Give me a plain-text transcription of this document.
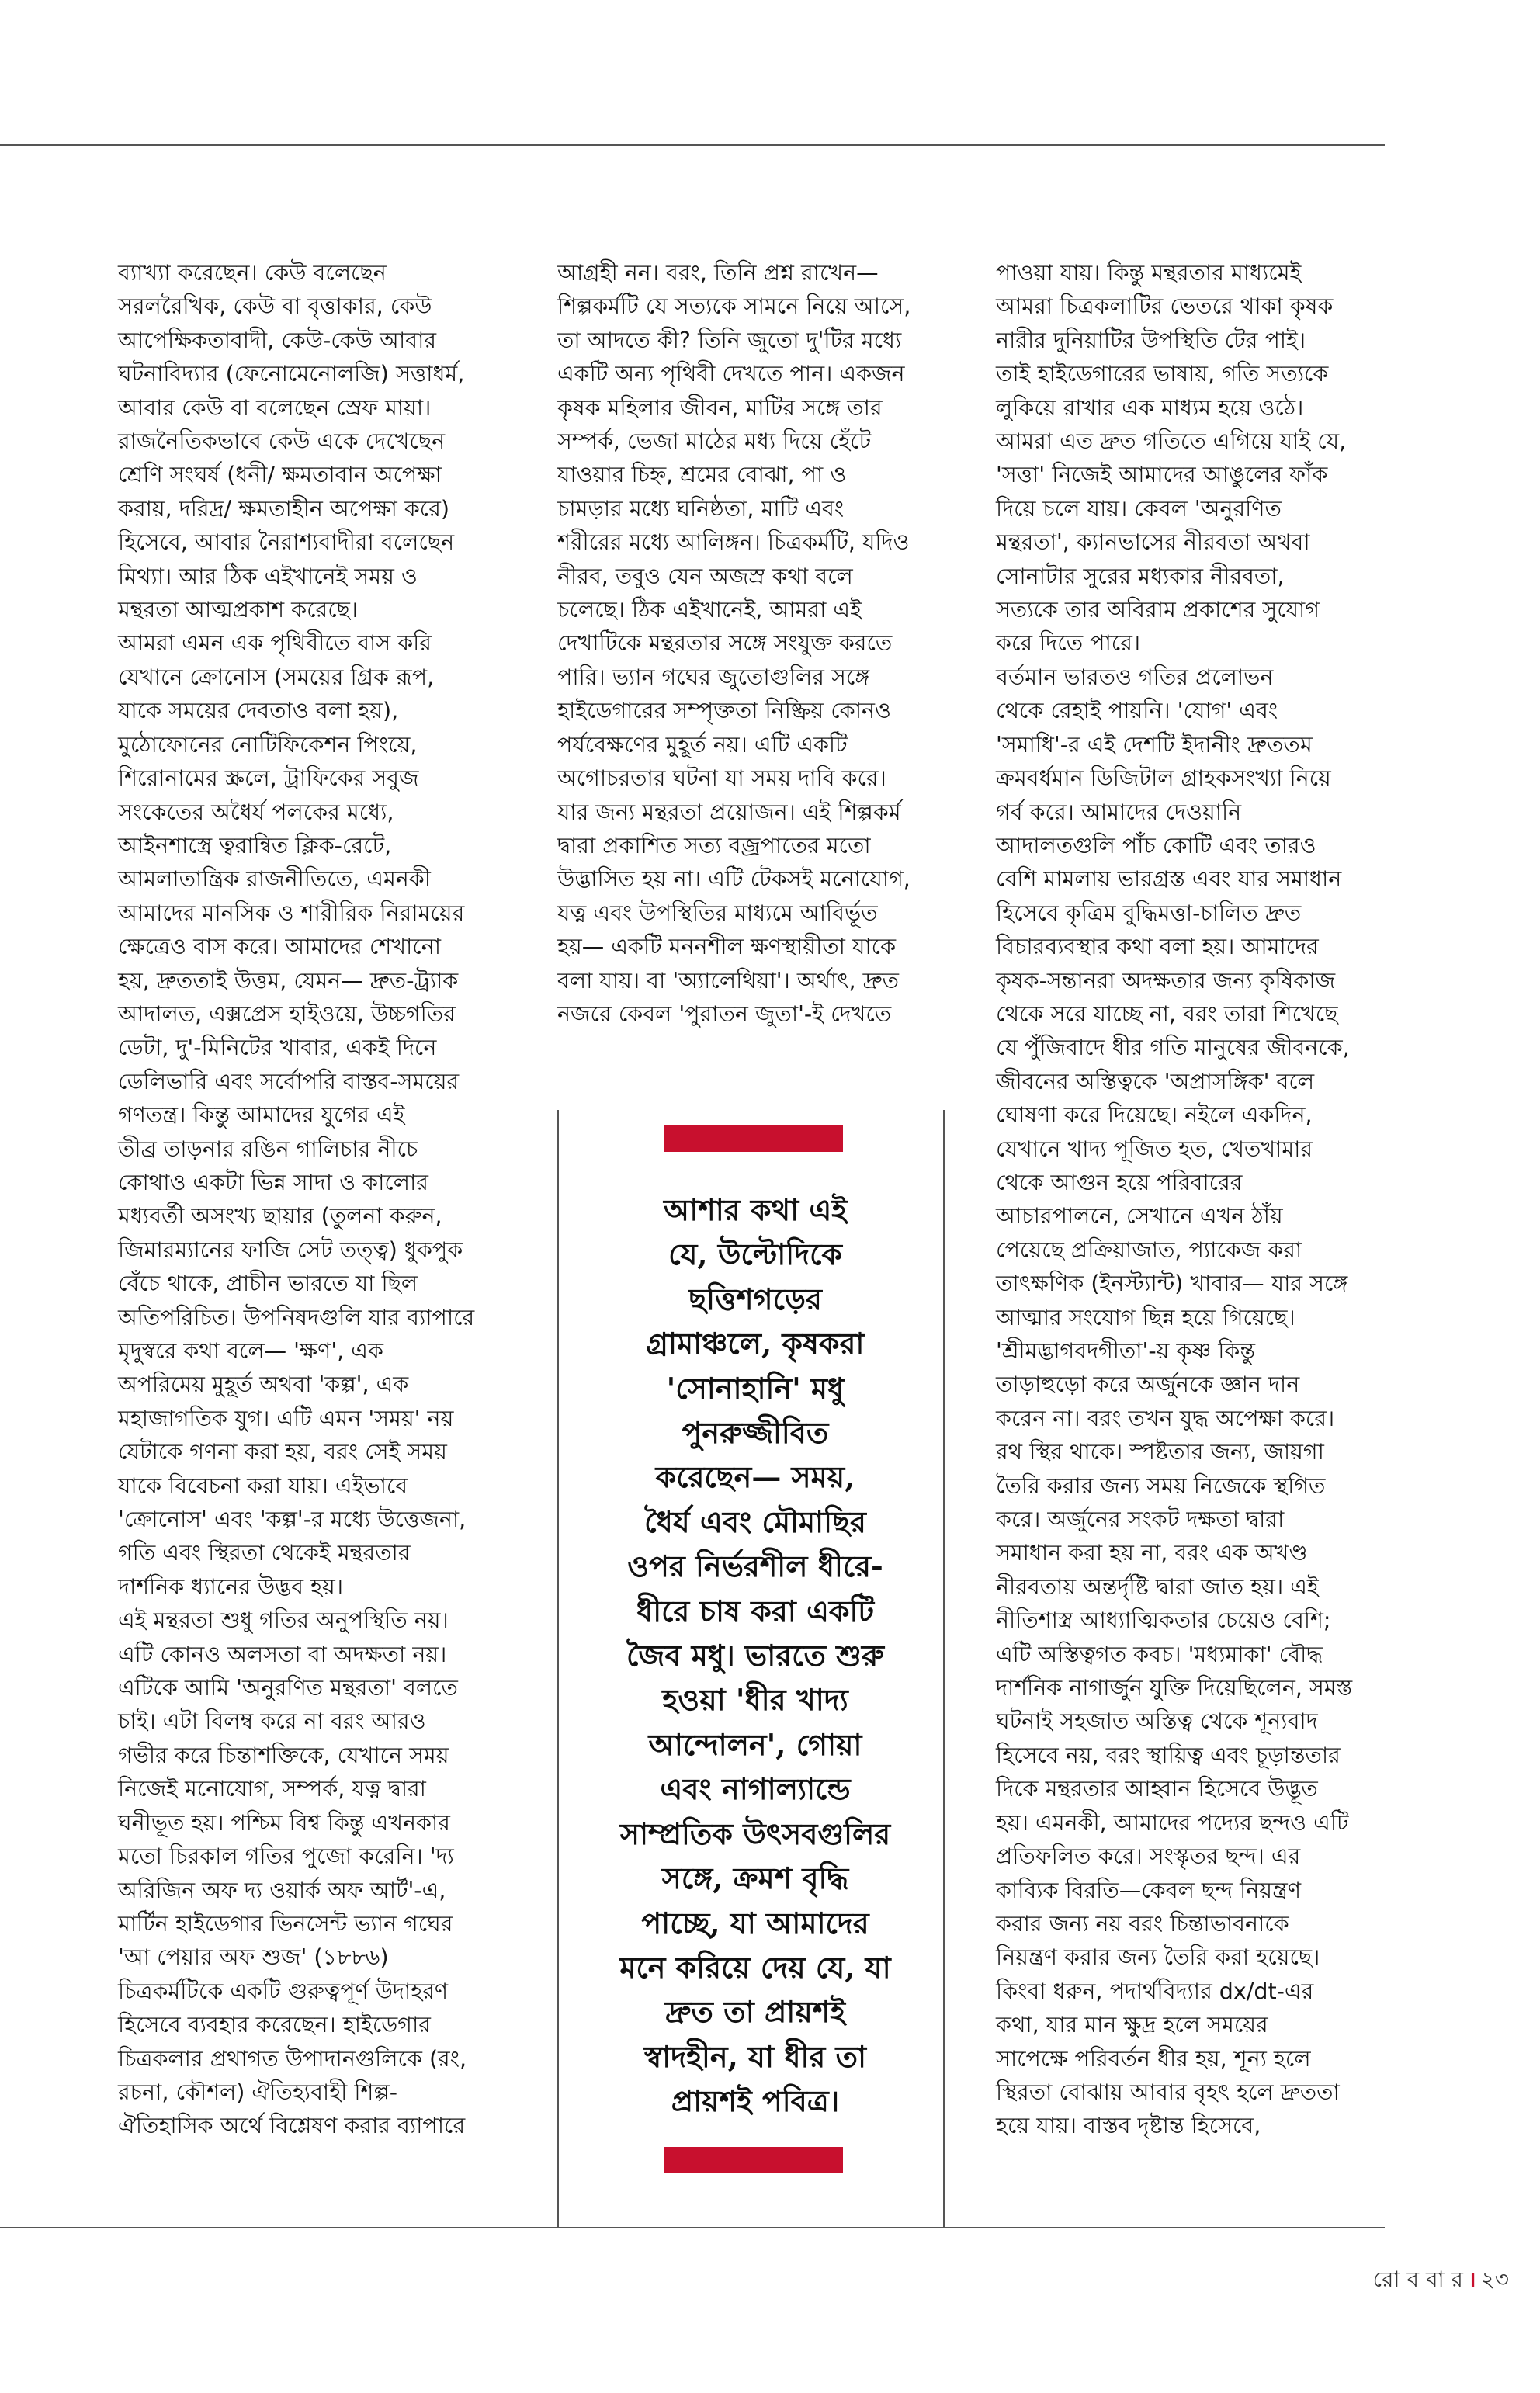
ব্যাখ্যা করেছেন। কেউ বলেছেন

সরলরৈখিক, কেউ বা বৃত্তাকার, কেউ

আপেক্ষিকতাবাদী, কেউ-কেউ আবার

ঘটনাবিদ্যার (ফেনোমেনোলজি) সত্তাধর্ম,

আবার কেউ বা বলেছেন স্রেফ মায়া।

রাজনৈতিকভাবে কেউ একে দেখেছেন

শ্রেণি সংঘর্ষ (ধনী/ ক্ষমতাবান অপেক্ষা

করায়, দরিদ্র/ ক্ষমতাহীন অপেক্ষা করে)

হিসেবে, আবার নৈরাশ্যবাদীরা বলেছেন

মিথ্যা। আর ঠিক এইখানেই সময় ও

মন্থরতা আত্মপ্রকাশ করেছে।

আমরা এমন এক পৃথিবীতে বাস করি

যেখানে ক্রোনোস (সময়ের গ্রিক রূপ,

যাকে সময়ের দেবতাও বলা হয়),

মুঠোফোনের নোটিফিকেশন পিংয়ে,

শিরোনামের স্ক্রলে, ট্রাফিকের সবুজ

সংকেতের অধৈর্য পলকের মধ্যে,

আইনশাস্ত্রে ত্বরান্বিত ক্লিক-রেটে,

আমলাতান্ত্রিক রাজনীতিতে, এমনকী

আমাদের মানসিক ও শারীরিক নিরাময়ের

ক্ষেত্রেও বাস করে। আমাদের শেখানো

হয়, দ্রুততাই উত্তম, যেমন— দ্রুত-ট্র্যাক

আদালত, এক্সপ্রেস হাইওয়ে, উচ্চগতির

ডেটা, দু'-মিনিটের খাবার, একই দিনে

ডেলিভারি এবং সর্বোপরি বাস্তব-সময়ের

গণতন্ত্র। কিন্তু আমাদের যুগের এই

তীব্র তাড়নার রঙিন গালিচার নীচে

কোথাও একটা ভিন্ন সাদা ও কালোর

মধ্যবর্তী অসংখ্য ছায়ার (তুলনা করুন,

জিমারম্যানের ফাজি সেট তত্ত্ব) ধুকপুক

বেঁচে থাকে, প্রাচীন ভারতে যা ছিল

অতিপরিচিত। উপনিষদগুলি যার ব্যাপারে

মৃদুস্বরে কথা বলে— 'ক্ষণ', এক

অপরিমেয় মুহূর্ত অথবা 'কল্প', এক

মহাজাগতিক যুগ। এটি এমন 'সময়' নয়

যেটাকে গণনা করা হয়, বরং সেই সময়

যাকে বিবেচনা করা যায়। এইভাবে

'ক্রোনোস' এবং 'কল্প'-র মধ্যে উত্তেজনা,

গতি এবং স্থিরতা থেকেই মন্থরতার

দার্শনিক ধ্যানের উদ্ভব হয়।

এই মন্থরতা শুধু গতির অনুপস্থিতি নয়।

এটি কোনও অলসতা বা অদক্ষতা নয়।

এটিকে আমি 'অনুরণিত মন্থরতা' বলতে

চাই। এটা বিলম্ব করে না বরং আরও

গভীর করে চিন্তাশক্তিকে, যেখানে সময়

নিজেই মনোযোগ, সম্পর্ক, যত্ন দ্বারা

ঘনীভূত হয়। পশ্চিম বিশ্ব কিন্তু এখনকার

মতো চিরকাল গতির পুজো করেনি। 'দ্য

অরিজিন অফ দ্য ওয়ার্ক অফ আর্ট'-এ,

মার্টিন হাইডেগার ভিনসেন্ট ভ্যান গঘের

'আ পেয়ার অফ শুজ' (১৮৮৬)

চিত্রকর্মটিকে একটি গুরুত্বপূর্ণ উদাহরণ

হিসেবে ব্যবহার করেছেন। হাইডেগার

চিত্রকলার প্রথাগত উপাদানগুলিকে (রং,

রচনা, কৌশল) ঐতিহ্যবাহী শিল্প-

ঐতিহাসিক অর্থে বিশ্লেষণ করার ব্যাপারে

আগ্রহী নন। বরং, তিনি প্রশ্ন রাখেন—

শিল্পকর্মটি যে সত্যকে সামনে নিয়ে আসে,

তা আদতে কী? তিনি জুতো দু'টির মধ্যে

একটি অন্য পৃথিবী দেখতে পান। একজন

কৃষক মহিলার জীবন, মাটির সঙ্গে তার

সম্পর্ক, ভেজা মাঠের মধ্য দিয়ে হেঁটে

যাওয়ার চিহ্ন, শ্রমের বোঝা, পা ও

চামড়ার মধ্যে ঘনিষ্ঠতা, মাটি এবং

শরীরের মধ্যে আলিঙ্গন। চিত্রকর্মটি, যদিও

নীরব, তবুও যেন অজস্র কথা বলে

চলেছে। ঠিক এইখানেই, আমরা এই

দেখাটিকে মন্থরতার সঙ্গে সংযুক্ত করতে

পারি। ভ্যান গঘের জুতোগুলির সঙ্গে

হাইডেগারের সম্পৃক্ততা নিষ্ক্রিয় কোনও

পর্যবেক্ষণের মুহূর্ত নয়। এটি একটি

অগোচরতার ঘটনা যা সময় দাবি করে।

যার জন্য মন্থরতা প্রয়োজন। এই শিল্পকর্ম

দ্বারা প্রকাশিত সত্য বজ্রপাতের মতো

উদ্ভাসিত হয় না। এটি টেকসই মনোযোগ,

যত্ন এবং উপস্থিতির মাধ্যমে আবির্ভূত

হয়— একটি মননশীল ক্ষণস্থায়ীতা যাকে

বলা যায়। বা 'অ্যালেথিয়া'। অর্থাৎ, দ্রুত

নজরে কেবল 'পুরাতন জুতা'-ই দেখতে

পাওয়া যায়। কিন্তু মন্থরতার মাধ্যমেই

আমরা চিত্রকলাটির ভেতরে থাকা কৃষক

নারীর দুনিয়াটির উপস্থিতি টের পাই।

তাই হাইডেগারের ভাষায়, গতি সত্যকে

লুকিয়ে রাখার এক মাধ্যম হয়ে ওঠে।

আমরা এত দ্রুত গতিতে এগিয়ে যাই যে,

'সত্তা' নিজেই আমাদের আঙুলের ফাঁক

দিয়ে চলে যায়। কেবল 'অনুরণিত

মন্থরতা', ক্যানভাসের নীরবতা অথবা

সোনাটার সুরের মধ্যকার নীরবতা,

সত্যকে তার অবিরাম প্রকাশের সুযোগ

করে দিতে পারে।

বর্তমান ভারতও গতির প্রলোভন

থেকে রেহাই পায়নি। 'যোগ' এবং

'সমাধি'-র এই দেশটি ইদানীং দ্রুততম

ক্রমবর্ধমান ডিজিটাল গ্রাহকসংখ্যা নিয়ে

গর্ব করে। আমাদের দেওয়ানি

আদালতগুলি পাঁচ কোটি এবং তারও

বেশি মামলায় ভারগ্রস্ত এবং যার সমাধান

হিসেবে কৃত্রিম বুদ্ধিমত্তা-চালিত দ্রুত

বিচারব্যবস্থার কথা বলা হয়। আমাদের

কৃষক-সন্তানরা অদক্ষতার জন্য কৃষিকাজ

থেকে সরে যাচ্ছে না, বরং তারা শিখেছে

যে পুঁজিবাদে ধীর গতি মানুষের জীবনকে,

জীবনের অস্তিত্বকে 'অপ্রাসঙ্গিক' বলে

ঘোষণা করে দিয়েছে। নইলে একদিন,

যেখানে খাদ্য পূজিত হত, খেতখামার

থেকে আগুন হয়ে পরিবারের

আচারপালনে, সেখানে এখন ঠাঁয়

পেয়েছে প্রক্রিয়াজাত, প্যাকেজ করা

তাৎক্ষণিক (ইনস্ট্যান্ট) খাবার— যার সঙ্গে

আত্মার সংযোগ ছিন্ন হয়ে গিয়েছে।

'শ্রীমদ্ভাগবদগীতা'-য় কৃষ্ণ কিন্তু

তাড়াহুড়ো করে অর্জুনকে জ্ঞান দান

করেন না। বরং তখন যুদ্ধ অপেক্ষা করে।

রথ স্থির থাকে। স্পষ্টতার জন্য, জায়গা

তৈরি করার জন্য সময় নিজেকে স্থগিত

করে। অর্জুনের সংকট দক্ষতা দ্বারা

সমাধান করা হয় না, বরং এক অখণ্ড

নীরবতায় অন্তর্দৃষ্টি দ্বারা জাত হয়। এই

নীতিশাস্ত্র আধ্যাত্মিকতার চেয়েও বেশি;

এটি অস্তিত্বগত কবচ। 'মধ্যমাকা' বৌদ্ধ

দার্শনিক নাগার্জুন যুক্তি দিয়েছিলেন, সমস্ত

ঘটনাই সহজাত অস্তিত্ব থেকে শূন্যবাদ

হিসেবে নয়, বরং স্থায়িত্ব এবং চূড়ান্ততার

দিকে মন্থরতার আহ্বান হিসেবে উদ্ভূত

হয়। এমনকী, আমাদের পদ্যের ছন্দও এটি

প্রতিফলিত করে। সংস্কৃতর ছন্দ। এর

কাব্যিক বিরতি—কেবল ছন্দ নিয়ন্ত্রণ

করার জন্য নয় বরং চিন্তাভাবনাকে

নিয়ন্ত্রণ করার জন্য তৈরি করা হয়েছে।

কিংবা ধরুন, পদার্থবিদ্যার dx/dt-এর

কথা, যার মান ক্ষুদ্র হলে সময়ের

সাপেক্ষে পরিবর্তন ধীর হয়, শূন্য হলে

স্থিরতা বোঝায় আবার বৃহৎ হলে দ্রুততা

হয়ে যায়। বাস্তব দৃষ্টান্ত হিসেবে,

আশার কথা এই

যে, উল্টোদিকে

ছত্তিশগড়ের

গ্রামাঞ্চলে, কৃষকরা

'সোনাহানি' মধু

পুনরুজ্জীবিত

করেছেন— সময়,

ধৈর্য এবং মৌমাছির

ওপর নির্ভরশীল ধীরে-

ধীরে চাষ করা একটি

জৈব মধু। ভারতে শুরু

হওয়া 'ধীর খাদ্য

আন্দোলন', গোয়া

এবং নাগাল্যান্ডে

সাম্প্রতিক উৎসবগুলির

সঙ্গে, ক্রমশ বৃদ্ধি

পাচ্ছে, যা আমাদের

মনে করিয়ে দেয় যে, যা

দ্রুত তা প্রায়শই

স্বাদহীন, যা ধীর তা

প্রায়শই পবিত্র।

রো ব বা র । ২৩
